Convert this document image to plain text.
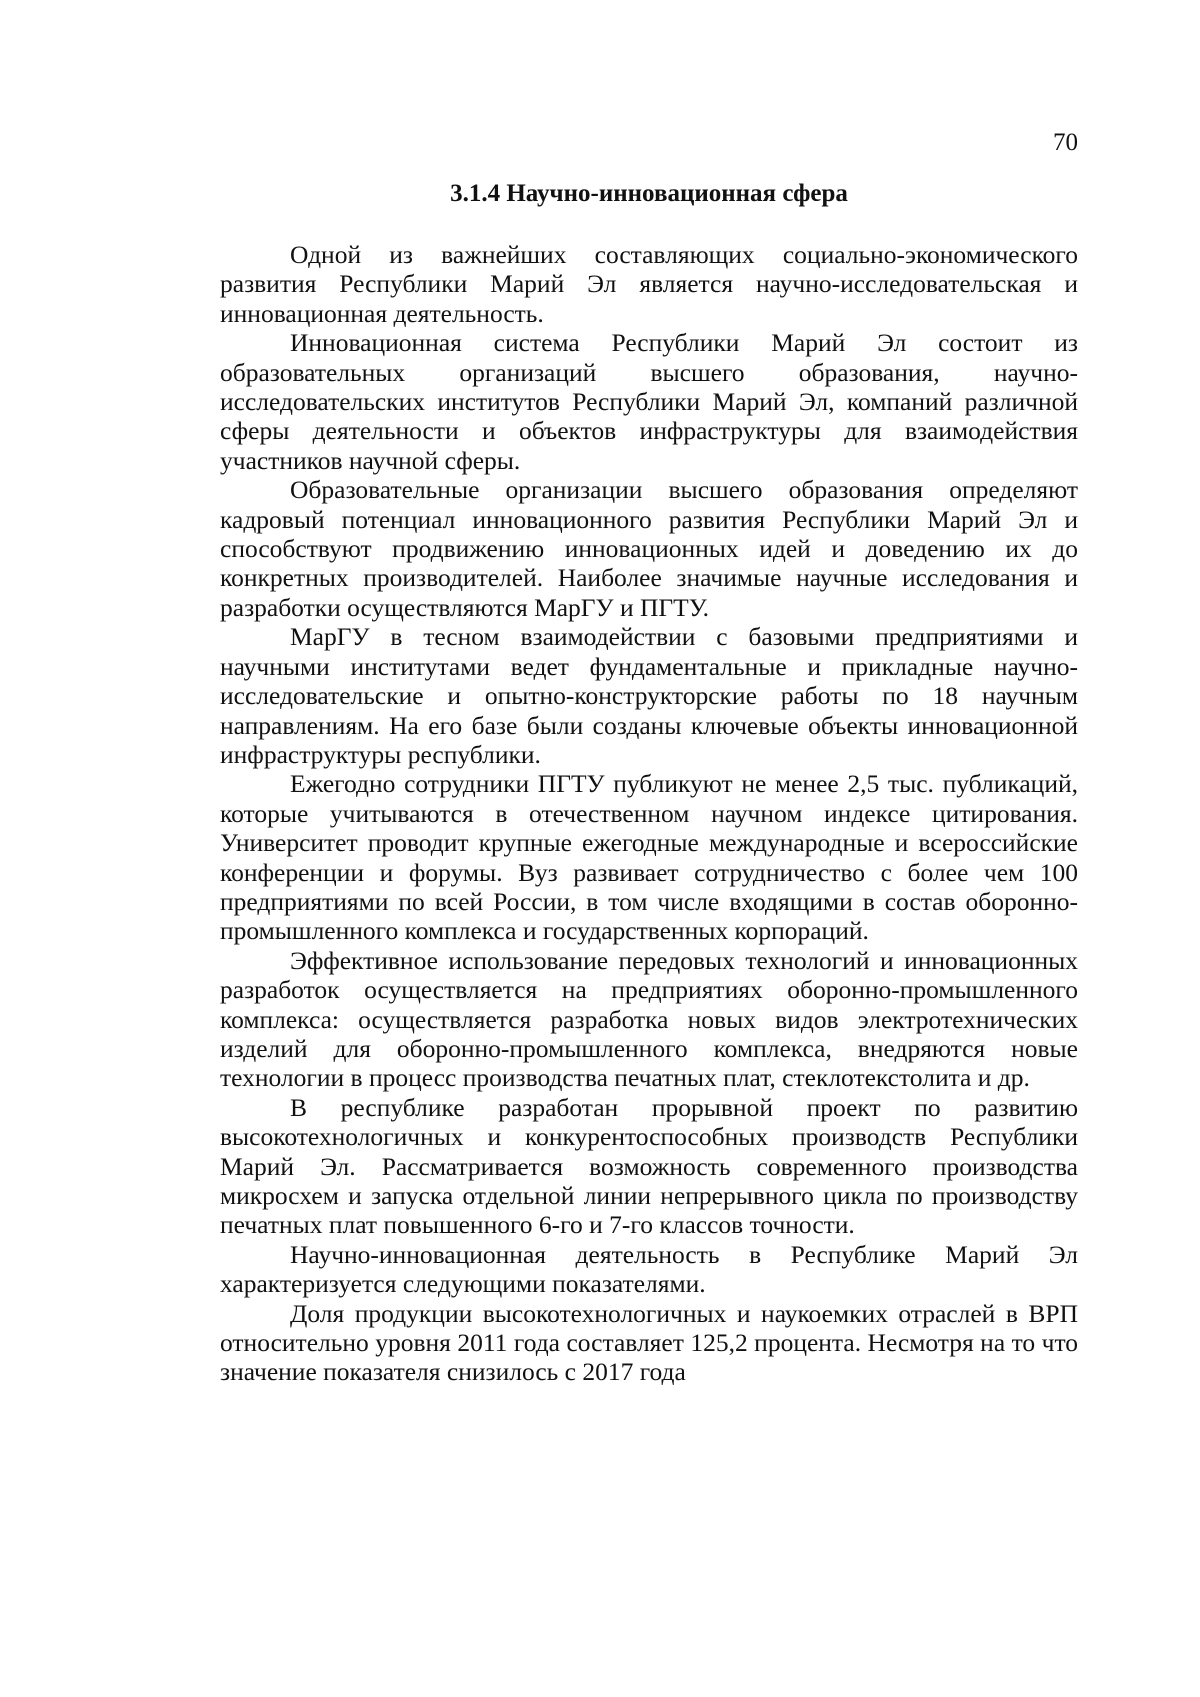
70
3.1.4 Научно-инновационная сфера

Одной из важнейших составляющих социально-экономического развития Республики Марий Эл является научно-исследовательская и инновационная деятельность.

Инновационная система Республики Марий Эл состоит из образовательных организаций высшего образования, научно-исследовательских институтов Республики Марий Эл, компаний различной сферы деятельности и объектов инфраструктуры для взаимодействия участников научной сферы.

Образовательные организации высшего образования определяют кадровый потенциал инновационного развития Республики Марий Эл и способствуют продвижению инновационных идей и доведению их до конкретных производителей. Наиболее значимые научные исследования и разработки осуществляются МарГУ и ПГТУ.

МарГУ в тесном взаимодействии с базовыми предприятиями и научными институтами ведет фундаментальные и прикладные научно-исследовательские и опытно-конструкторские работы по 18 научным направлениям. На его базе были созданы ключевые объекты инновационной инфраструктуры республики.

Ежегодно сотрудники ПГТУ публикуют не менее 2,5 тыс. публикаций, которые учитываются в отечественном научном индексе цитирования. Университет проводит крупные ежегодные международные и всероссийские конференции и форумы. Вуз развивает сотрудничество с более чем 100 предприятиями по всей России, в том числе входящими в состав оборонно-промышленного комплекса и государственных корпораций.

Эффективное использование передовых технологий и инновационных разработок осуществляется на предприятиях оборонно-промышленного комплекса: осуществляется разработка новых видов электротехнических изделий для оборонно-промышленного комплекса, внедряются новые технологии в процесс производства печатных плат, стеклотекстолита и др.

В республике разработан прорывной проект по развитию высокотехнологичных и конкурентоспособных производств Республики Марий Эл. Рассматривается возможность современного производства микросхем и запуска отдельной линии непрерывного цикла по производству печатных плат повышенного 6-го и 7-го классов точности.

Научно-инновационная деятельность в Республике Марий Эл характеризуется следующими показателями.

Доля продукции высокотехнологичных и наукоемких отраслей в ВРП относительно уровня 2011 года составляет 125,2 процента. Несмотря на то что значение показателя снизилось с 2017 года
